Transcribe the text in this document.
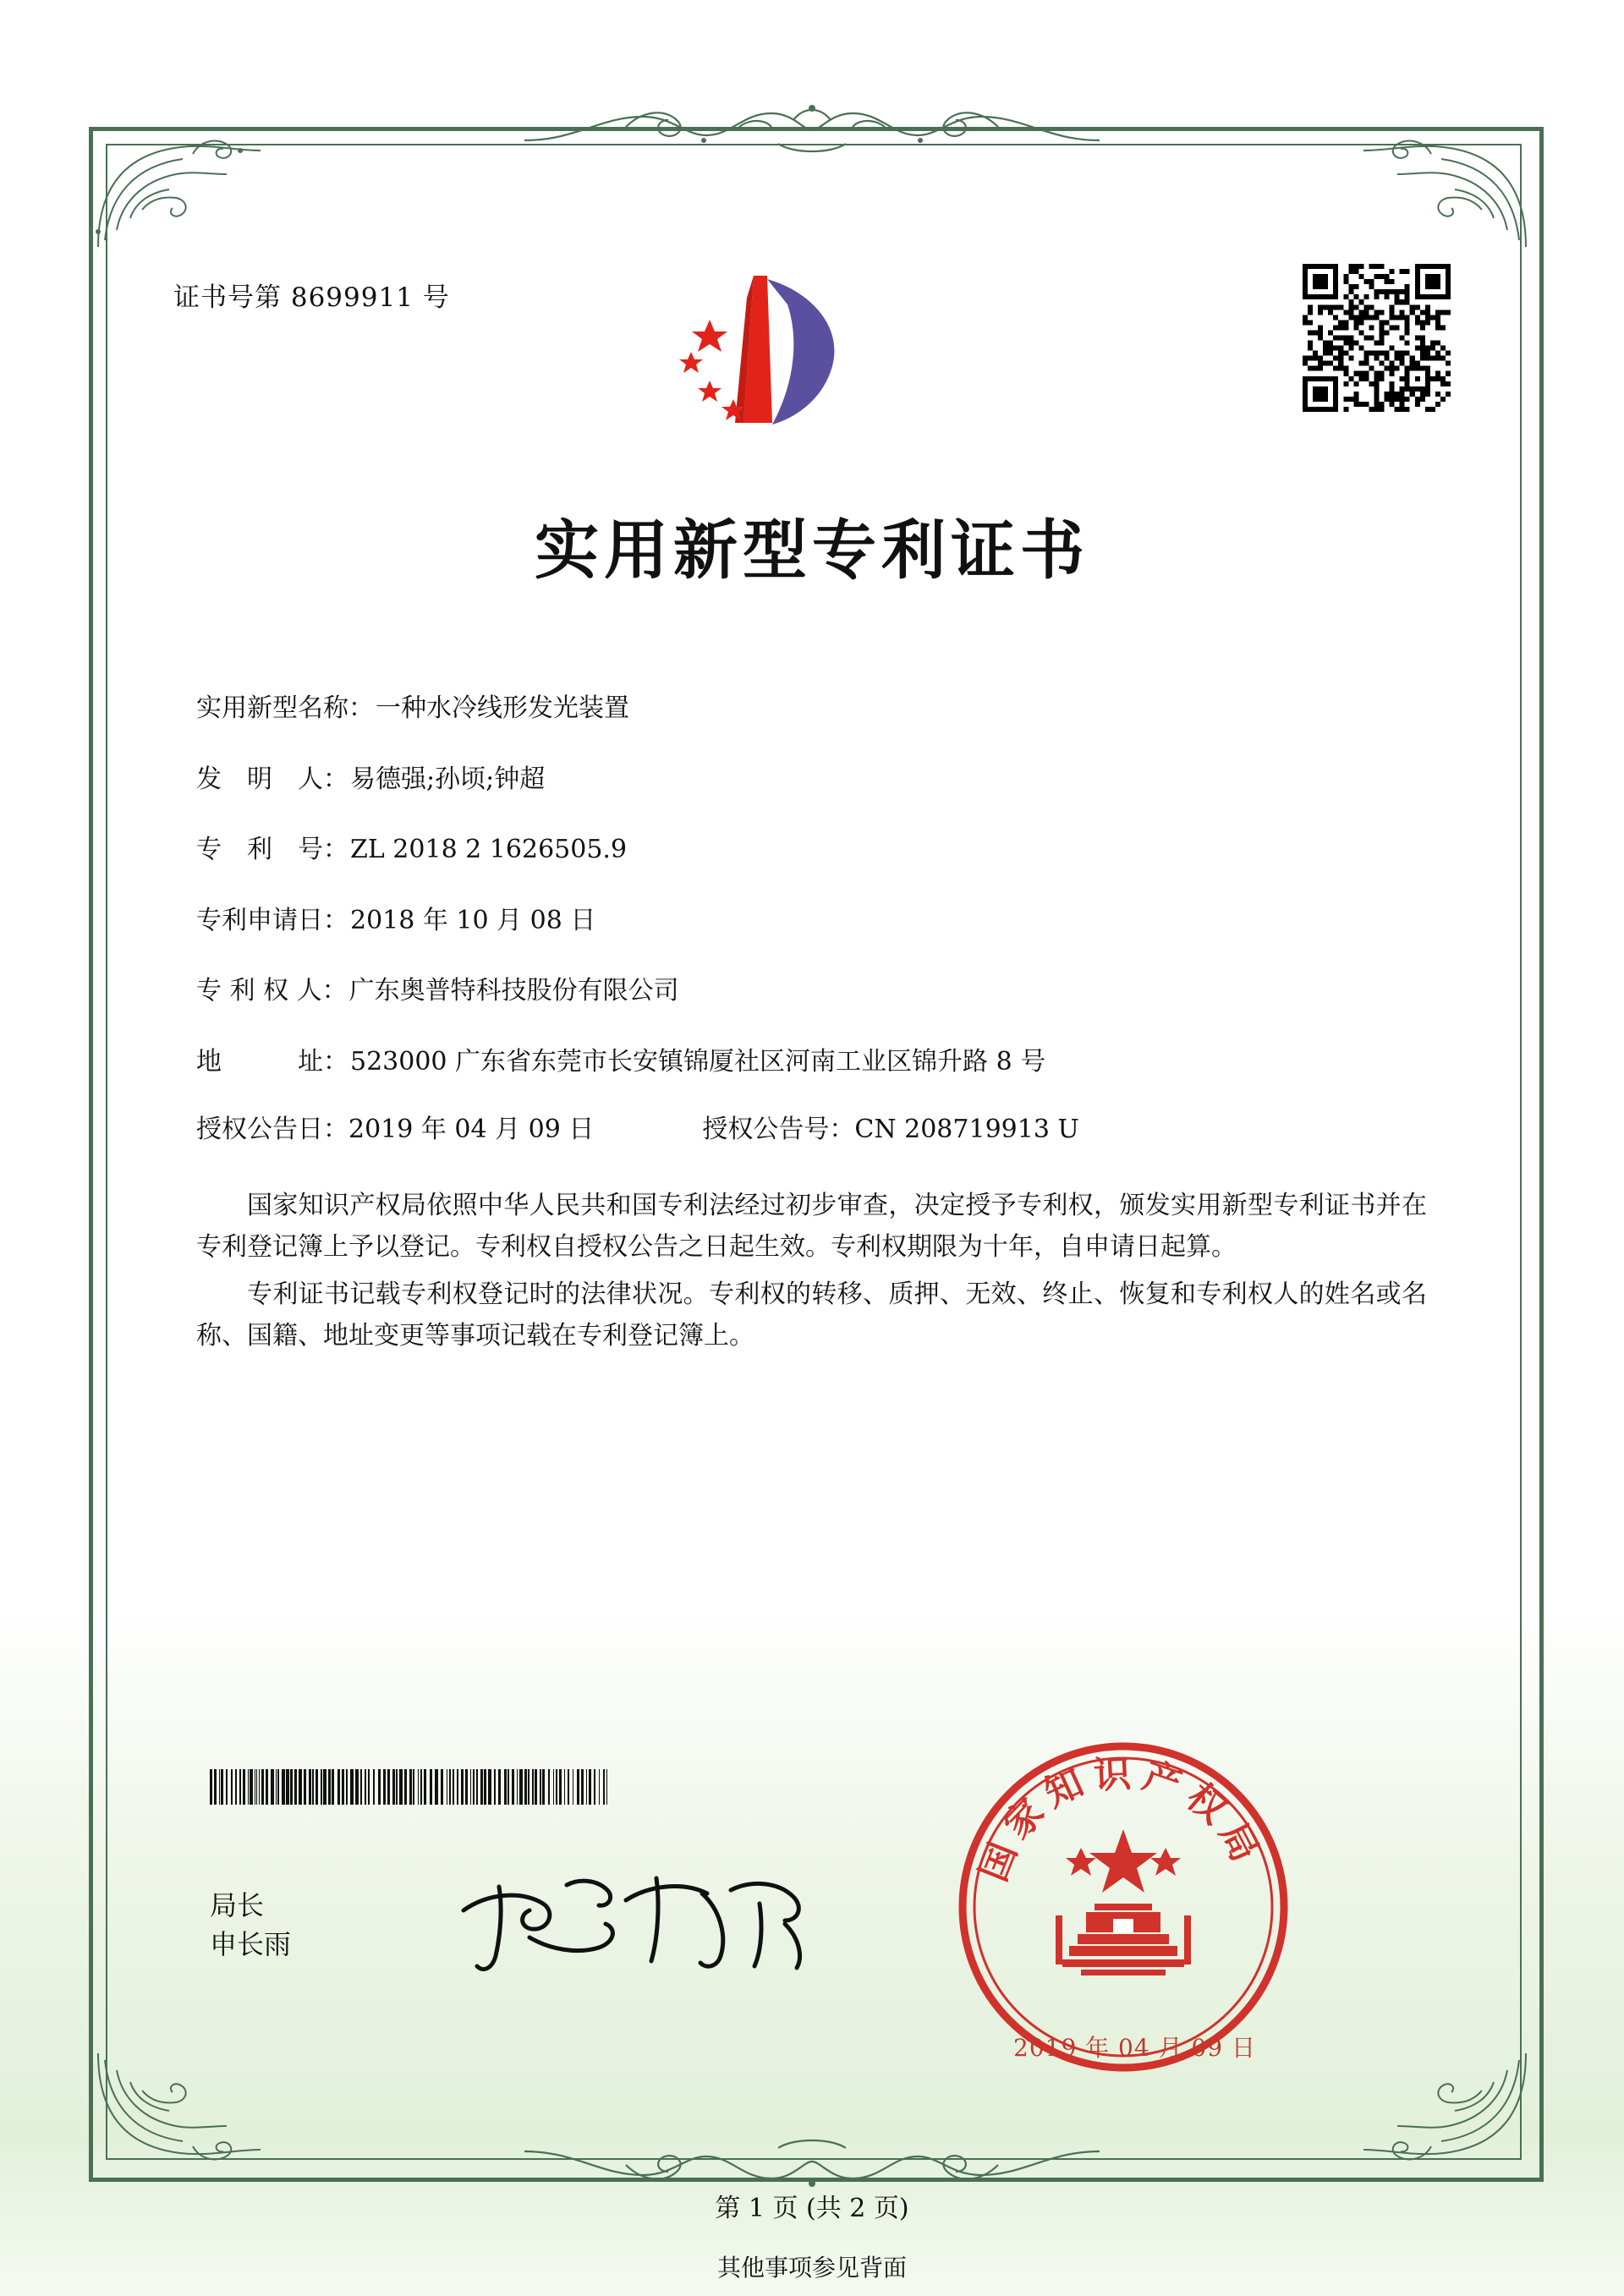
证书号第 8699911 号
实用新型专利证书
实用新型名称： 一种水冷线形发光装置
发　明　人： 易德强;孙顷;钟超
专　利　号： ZL 2018 2 1626505.9
专利申请日： 2018 年 10 月 08 日
专 利 权 人： 广东奥普特科技股份有限公司
地　　　址： 523000 广东省东莞市长安镇锦厦社区河南工业区锦升路 8 号
授权公告日：2019 年 04 月 09 日	授权公告号：CN 208719913 U
国家知识产权局依照中华人民共和国专利法经过初步审查，决定授予专利权，颁发实用新型专利证书并在专利登记簿上予以登记。专利权自授权公告之日起生效。专利权期限为十年，自申请日起算。
专利证书记载专利权登记时的法律状况。专利权的转移、质押、无效、终止、恢复和专利权人的姓名或名称、国籍、地址变更等事项记载在专利登记簿上。
局长
申长雨
国家知识产权局
2019 年 04 月 09 日
第 1 页 (共 2 页)
其他事项参见背面
